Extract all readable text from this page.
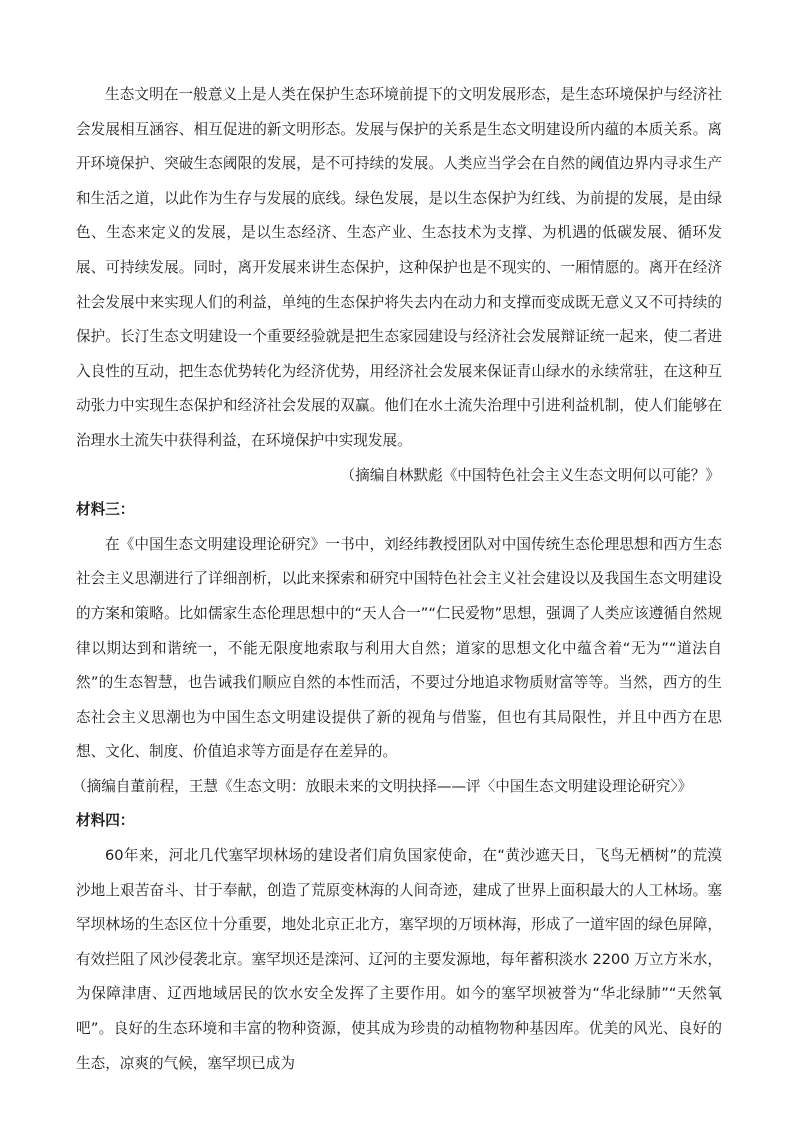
生态文明在一般意义上是人类在保护生态环境前提下的文明发展形态，是生态环境保护与经济社会发展相互涵容、相互促进的新文明形态。发展与保护的关系是生态文明建设所内蕴的本质关系。离开环境保护、突破生态阈限的发展，是不可持续的发展。人类应当学会在自然的阈值边界内寻求生产和生活之道，以此作为生存与发展的底线。绿色发展，是以生态保护为红线、为前提的发展，是由绿色、生态来定义的发展，是以生态经济、生态产业、生态技术为支撑、为机遇的低碳发展、循环发展、可持续发展。同时，离开发展来讲生态保护，这种保护也是不现实的、一厢情愿的。离开在经济社会发展中来实现人们的利益，单纯的生态保护将失去内在动力和支撑而变成既无意义又不可持续的保护。长汀生态文明建设一个重要经验就是把生态家园建设与经济社会发展辩证统一起来，使二者进入良性的互动，把生态优势转化为经济优势，用经济社会发展来保证青山绿水的永续常驻，在这种互动张力中实现生态保护和经济社会发展的双赢。他们在水土流失治理中引进利益机制，使人们能够在治理水土流失中获得利益，在环境保护中实现发展。

（摘编自林默彪《中国特色社会主义生态文明何以可能？》

材料三：

在《中国生态文明建设理论研究》一书中，刘经纬教授团队对中国传统生态伦理思想和西方生态社会主义思潮进行了详细剖析，以此来探索和研究中国特色社会主义社会建设以及我国生态文明建设的方案和策略。比如儒家生态伦理思想中的“天人合一”“仁民爱物”思想，强调了人类应该遵循自然规律以期达到和谐统一，不能无限度地索取与利用大自然；道家的思想文化中蕴含着“无为”“道法自然”的生态智慧，也告诫我们顺应自然的本性而活，不要过分地追求物质财富等等。当然，西方的生态社会主义思潮也为中国生态文明建设提供了新的视角与借鉴，但也有其局限性，并且中西方在思想、文化、制度、价值追求等方面是存在差异的。

（摘编自董前程，王慧《生态文明：放眼未来的文明抉择——评〈中国生态文明建设理论研究〉》

材料四：

60年来，河北几代塞罕坝林场的建设者们肩负国家使命，在“黄沙遮天日，飞鸟无栖树”的荒漠沙地上艰苦奋斗、甘于奉献，创造了荒原变林海的人间奇迹，建成了世界上面积最大的人工林场。塞罕坝林场的生态区位十分重要，地处北京正北方，塞罕坝的万顷林海，形成了一道牢固的绿色屏障，有效拦阻了风沙侵袭北京。塞罕坝还是滦河、辽河的主要发源地，每年蓄积淡水 2200 万立方米水，为保障津唐、辽西地域居民的饮水安全发挥了主要作用。如今的塞罕坝被誉为“华北绿肺”“天然氧吧”。良好的生态环境和丰富的物种资源，使其成为珍贵的动植物物种基因库。优美的风光、良好的生态，凉爽的气候，塞罕坝已成为
